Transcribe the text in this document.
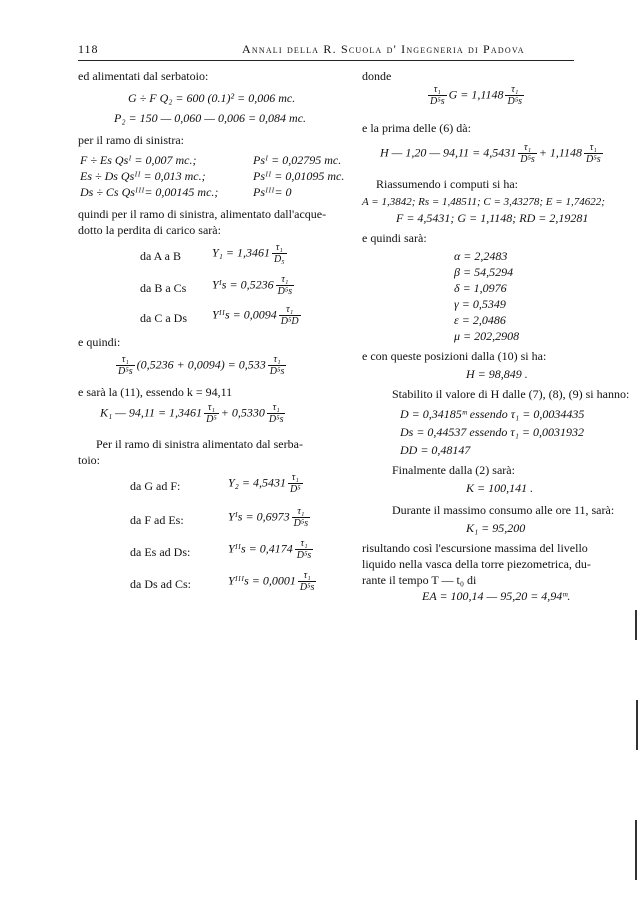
118	Annali della R. Scuola d' Ingegneria di Padova
ed alimentati dal serbatoio:
G ÷ F Q₂ = 600 (0.1)² = 0,006 mc.
P₂ = 150 — 0,060 — 0,006 = 0,084 mc.
per il ramo di sinistra:
F ÷ Es Qsᴵ = 0,007 mc.;	Psᴵ = 0,02795 mc.
Es ÷ Ds Qsᴵᴵ = 0,013 mc.;	Psᴵᴵ = 0,01095 mc.
Ds ÷ Cs Qsᴵᴵᴵ= 0,00145 mc.;	Psᴵᴵᴵ= 0
quindi per il ramo di sinistra, alimentato dall'acque-
dotto la perdita di carico sarà:
da A a B	$Y_1 = 1,3461 \frac{\text{τ₁}}{\text{D₅}}$
da B a Cs Yᴵs = $0,5236 \frac{\text{τ₁}}{\text{D⁵s}}$
da C a Ds Yᴵᴵs = $0,0094 \frac{\text{τ₁}}{\text{D⁵D}}$
e quindi:
$\frac{\text{τ₁}}{\text{D⁵s}} (0,5236 + 0,0094) = 0,533 \frac{\text{τ₁}}{\text{D⁵s}}$
e sarà la (11), essendo k = 94,11
K₁ — $94,11 = 1,3461 \frac{\text{τ₁}}{\text{D⁵}} + 0,5330 \frac{\text{τ₁}}{\text{D⁵s}}$
Per il ramo di sinistra alimentato dal serba-
toio:
da G ad F:	$Y_2 = 4,5431 \frac{\text{τ₁}}{\text{D⁵}}$
da F ad Es:	Yᴵs = $0,6973 \frac{\text{τ₁}}{\text{D⁵s}}$
da Es ad Ds:	Yᴵᴵs = $0,4174 \frac{\text{τ₁}}{\text{D⁵s}}$
da Ds ad Cs:	Yᴵᴵᴵs = $0,0001 \frac{\text{τ₁}}{\text{D⁵s}}$
donde
$\frac{\text{τ₁}}{\text{D⁵s}}$ $G = 1,1148 \frac{\text{τ₁}}{\text{D⁵s}}$
e la prima delle (6) dà:
H — 1,20 — $94,11 = 4,5431 \frac{\text{τ₁}}{\text{D⁵s}} + 1,1148 \frac{\text{τ₁}}{\text{D⁵s}}$
Riassumendo i computi si ha:
A = 1,3842; Rs = 1,48511; C = 3,43278; E = 1,74622;
F = 4,5431; G = 1,1148; RD = 2,19281
e quindi sarà:
α = 2,2483
β = 54,5294
δ = 1,0976
γ = 0,5349
ε = 2,0486
μ = 202,2908
e con queste posizioni dalla (10) si ha:
H = 98,849 .
Stabilito il valore di H dalle (7), (8), (9) si hanno:
D = 0,34185ᵐ essendo τ₁ = 0,0034435
Ds = 0,44537 essendo τ₁ = 0,0031932
DD = 0,48147
Finalmente dalla (2) sarà:
K = 100,141 .
Durante il massimo consumo alle ore 11, sarà:
K₁ = 95,200
risultando così l'escursione massima del livello
liquido nella vasca della torre piezometrica, du-
rante il tempo T — t₀ di
EA = 100,14 — 95,20 = 4,94ᵐ.
